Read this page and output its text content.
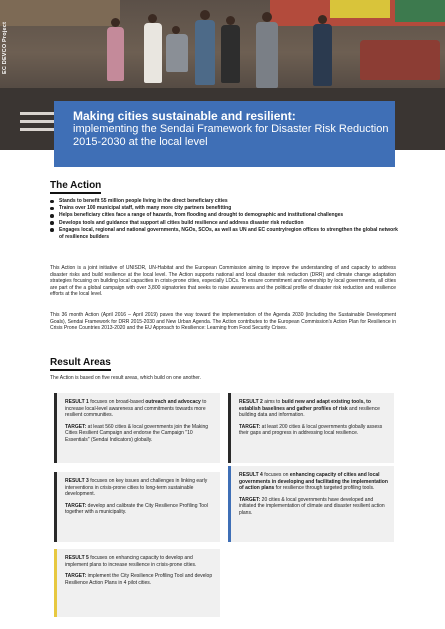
EC DEVCO Project
Making cities sustainable and resilient:
implementing the Sendai Framework for Disaster Risk Reduction 2015-2030 at the local level
The Action
Stands to benefit 55 million people living in the direct beneficiary cities
Trains over 100 municipal staff, with many more city partners benefitting
Helps beneficiary cities face a range of hazards, from flooding and drought to demographic and institutional challenges
Develops tools and guidance that support all cities build resilience and address disaster risk reduction
Engages local, regional and national governments, NGOs, SCOs, as well as UN and EC country/region offices to strengthen the global network of resilience builders

This Action is a joint initiative of UNISDR, UN-Habitat and the European Commission aiming to improve the understanding of and capacity to address disaster risks and build resilience at the local level. The Action supports national and local disaster risk reduction (DRR) and climate change adaptation strategies focusing on building local capacities in crisis-prone cities, especially LDCs. To ensure commitment and ownership by local governments, all cities are part of the a global campaign with over 3,800 signatories that seeks to raise awareness and the political profile of disaster risk reduction and resilience efforts at the local level.

This 36 month Action (April 2016 – April 2019) paves the way toward the implementation of the Agenda 2030 (including the Sustainable Development Goals), Sendai Framework for DRR 2015-2030 and New Urban Agenda. The Action contributes to the European Commission's Action Plan for Resilience in Crisis Prone Countries 2013-2020 and the EU Approach to Resilience: Learning from Food Security Crises.

Result Areas
The Action is based on five result areas, which build on one another.

RESULT 1 focuses on broad-based outreach and advocacy to increase local-level awareness and commitments towards more resilient communities.

TARGET: at least 560 cities & local governments join the Making Cities Resilient Campaign and endorse the Campaign "10 Essentials" (Sendai Indicators) globally.

RESULT 2 aims to build new and adapt existing tools, to establish baselines and gather profiles of risk and resilience building data and information.

TARGET: at least 200 cities & local governments globally assess their gaps and progress in addressing local resilience.

RESULT 3 focuses on key issues and challenges in linking early interventions in crisis-prone cities to long-term sustainable development.

TARGET: develop and calibrate the City Resilience Profiling Tool together with a municipality.

RESULT 4 focuses on enhancing capacity of cities and local governments in developing and facilitating the implementation of action plans for resilience through targeted profiling tools.

TARGET: 20 cities & local governments have developed and initiated the implementation of climate and disaster resilient action plans.

RESULT 5 focuses on enhancing capacity to develop and implement plans to increase resilience in crisis-prone cities.

TARGET: implement the City Resilience Profiling Tool and develop Resilience Action Plans in 4 pilot cities.
